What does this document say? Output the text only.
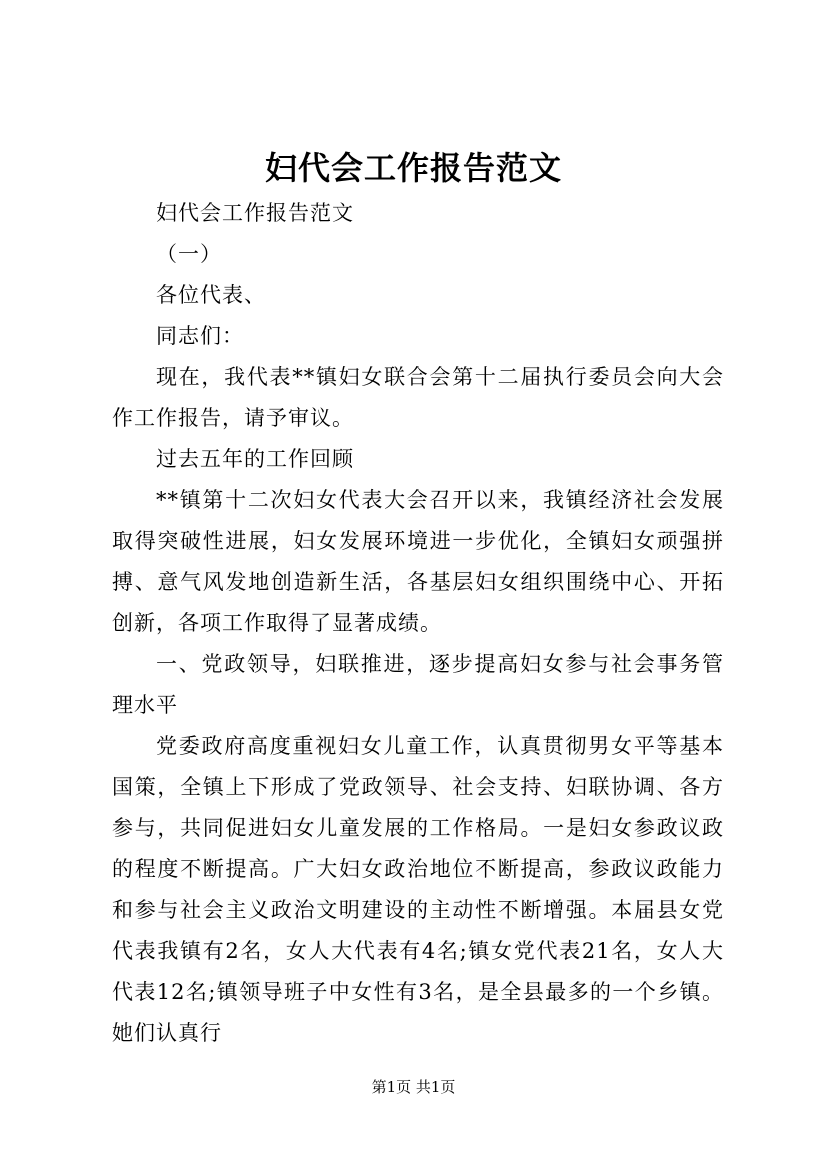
妇代会工作报告范文

妇代会工作报告范文

（一）

各位代表、

同志们：

现在，我代表**镇妇女联合会第十二届执行委员会向大会作工作报告，请予审议。

过去五年的工作回顾

**镇第十二次妇女代表大会召开以来，我镇经济社会发展取得突破性进展，妇女发展环境进一步优化，全镇妇女顽强拼搏、意气风发地创造新生活，各基层妇女组织围绕中心、开拓创新，各项工作取得了显著成绩。

一、党政领导，妇联推进，逐步提高妇女参与社会事务管理水平

党委政府高度重视妇女儿童工作，认真贯彻男女平等基本国策，全镇上下形成了党政领导、社会支持、妇联协调、各方参与，共同促进妇女儿童发展的工作格局。一是妇女参政议政的程度不断提高。广大妇女政治地位不断提高，参政议政能力和参与社会主义政治文明建设的主动性不断增强。本届县女党代表我镇有2名，女人大代表有4名;镇女党代表21名，女人大代表12名;镇领导班子中女性有3名，是全县最多的一个乡镇。她们认真行

第1页 共1页
